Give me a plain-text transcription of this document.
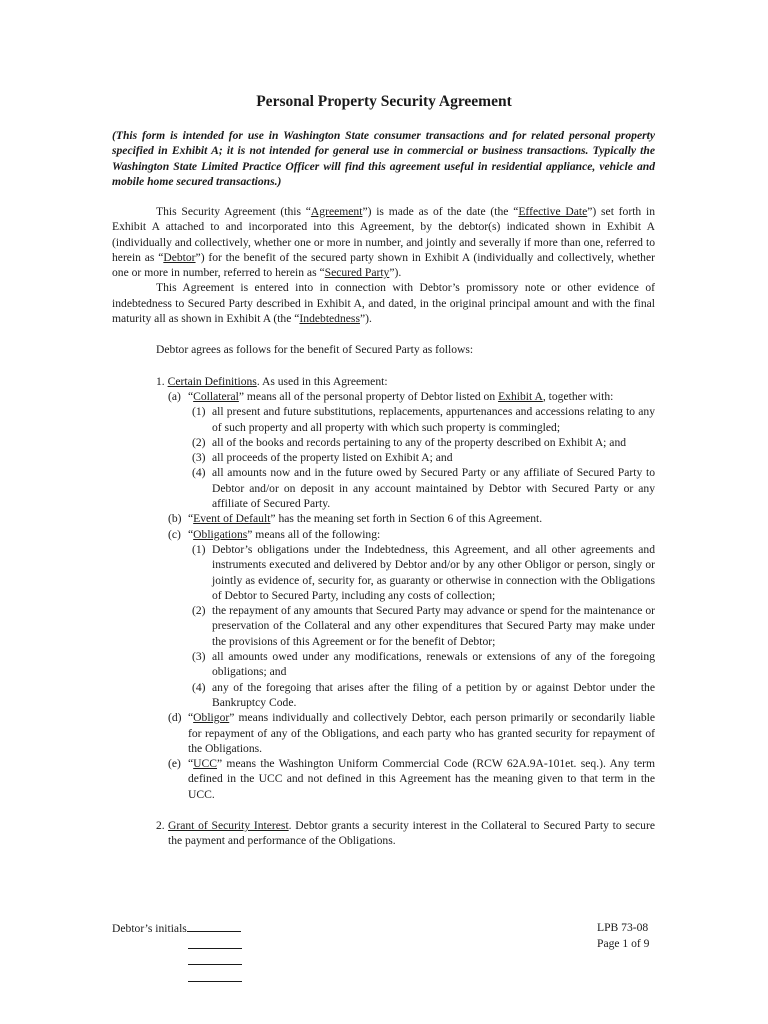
Personal Property Security Agreement

(This form is intended for use in Washington State consumer transactions and for related personal property specified in Exhibit A; it is not intended for general use in commercial or business transactions. Typically the Washington State Limited Practice Officer will find this agreement useful in residential appliance, vehicle and mobile home secured transactions.)

This Security Agreement (this “Agreement”) is made as of the date (the “Effective Date”) set forth in Exhibit A attached to and incorporated into this Agreement, by the debtor(s) indicated shown in Exhibit A (individually and collectively, whether one or more in number, and jointly and severally if more than one, referred to herein as “Debtor”) for the benefit of the secured party shown in Exhibit A (individually and collectively, whether one or more in number, referred to herein as “Secured Party”).

This Agreement is entered into in connection with Debtor’s promissory note or other evidence of indebtedness to Secured Party described in Exhibit A, and dated, in the original principal amount and with the final maturity all as shown in Exhibit A (the “Indebtedness”).

Debtor agrees as follows for the benefit of Secured Party as follows:

1. Certain Definitions. As used in this Agreement:

(a) “Collateral” means all of the personal property of Debtor listed on Exhibit A, together with:
(1) all present and future substitutions, replacements, appurtenances and accessions relating to any of such property and all property with which such property is commingled;
(2) all of the books and records pertaining to any of the property described on Exhibit A; and
(3) all proceeds of the property listed on Exhibit A; and
(4) all amounts now and in the future owed by Secured Party or any affiliate of Secured Party to Debtor and/or on deposit in any account maintained by Debtor with Secured Party or any affiliate of Secured Party.
(b) “Event of Default” has the meaning set forth in Section 6 of this Agreement.
(c) “Obligations” means all of the following:
(1) Debtor’s obligations under the Indebtedness, this Agreement, and all other agreements and instruments executed and delivered by Debtor and/or by any other Obligor or person, singly or jointly as evidence of, security for, as guaranty or otherwise in connection with the Obligations of Debtor to Secured Party, including any costs of collection;
(2) the repayment of any amounts that Secured Party may advance or spend for the maintenance or preservation of the Collateral and any other expenditures that Secured Party may make under the provisions of this Agreement or for the benefit of Debtor;
(3) all amounts owed under any modifications, renewals or extensions of any of the foregoing obligations; and
(4) any of the foregoing that arises after the filing of a petition by or against Debtor under the Bankruptcy Code.
(d) “Obligor” means individually and collectively Debtor, each person primarily or secondarily liable for repayment of any of the Obligations, and each party who has granted security for repayment of the Obligations.
(e) “UCC” means the Washington Uniform Commercial Code (RCW 62A.9A-101et. seq.). Any term defined in the UCC and not defined in this Agreement has the meaning given to that term in the UCC.
2. Grant of Security Interest. Debtor grants a security interest in the Collateral to Secured Party to secure the payment and performance of the Obligations.
Debtor’s initials	LPB 73-08
Page 1 of 9
